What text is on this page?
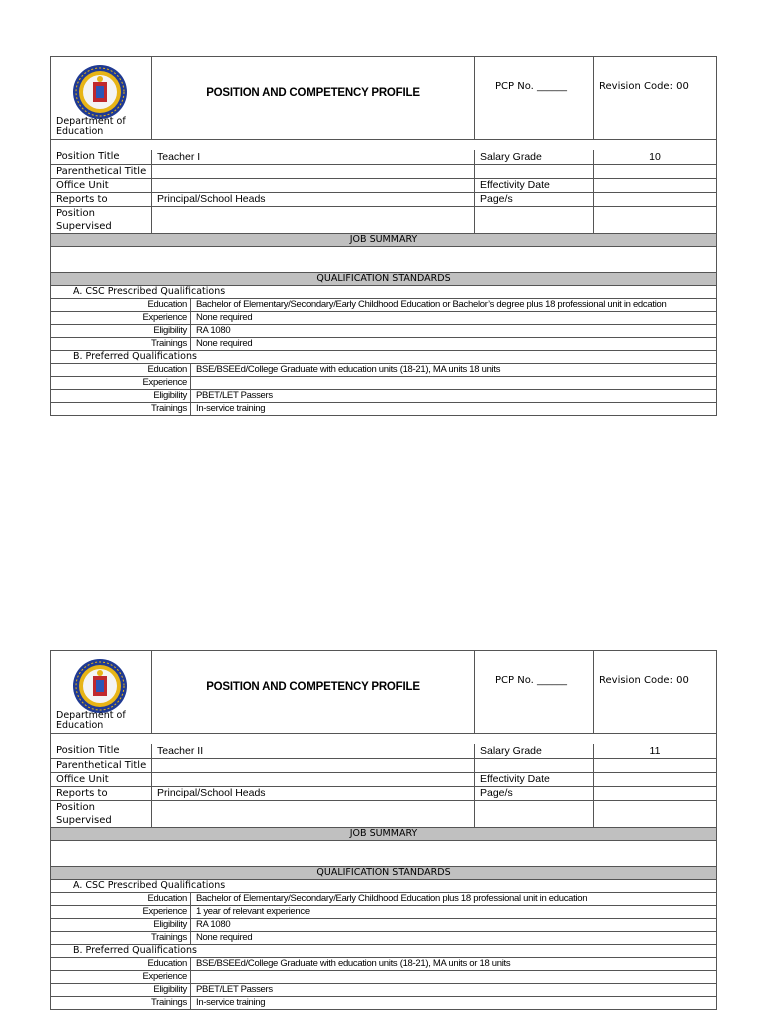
Department of Education
POSITION AND COMPETENCY PROFILE
PCP No. ______	Revision Code: 00
Position Title	Teacher I	Salary Grade	10
Parenthetical Title
Office Unit	Effectivity Date
Reports to	Principal/School Heads	Page/s
Position Supervised
JOB SUMMARY
QUALIFICATION STANDARDS
A. CSC Prescribed Qualifications
Education Bachelor of Elementary/Secondary/Early Childhood Education or Bachelor’s degree plus 18 professional unit in edcation
Experience None required
Eligibility RA 1080
Trainings None required
B. Preferred Qualifications
Education BSE/BSEEd/College Graduate with education units (18-21), MA units 18 units
Experience
Eligibility PBET/LET Passers
Trainings In-service training
Department of Education
POSITION AND COMPETENCY PROFILE
PCP No. ______	Revision Code: 00
Position Title	Teacher II	Salary Grade	11
Parenthetical Title
Office Unit	Effectivity Date
Reports to	Principal/School Heads	Page/s
Position Supervised
JOB SUMMARY
QUALIFICATION STANDARDS
A. CSC Prescribed Qualifications
Education Bachelor of Elementary/Secondary/Early Childhood Education plus 18 professional unit in education
Experience 1 year of relevant experience
Eligibility RA 1080
Trainings None required
B. Preferred Qualifications
Education BSE/BSEEd/College Graduate with education units (18-21), MA units or 18 units
Experience
Eligibility PBET/LET Passers
Trainings In-service training
